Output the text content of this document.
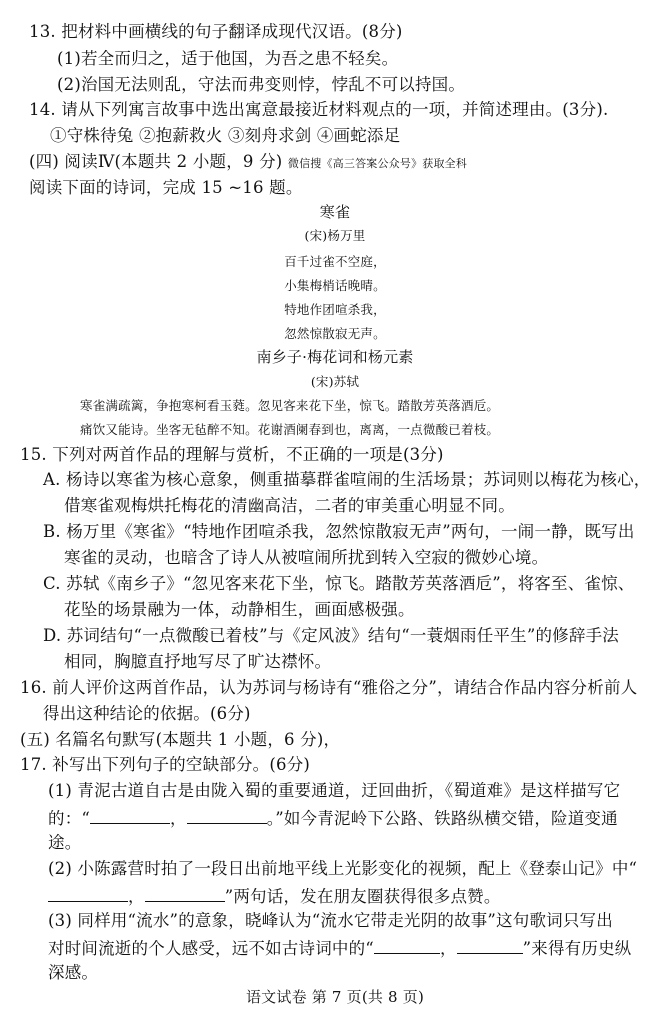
13. 把材料中画横线的句子翻译成现代汉语。(8分)
(1)若全而归之，适于他国，为吾之患不轻矣。
(2)治国无法则乱，守法而弗变则悖，悖乱不可以持国。
14. 请从下列寓言故事中选出寓意最接近材料观点的一项，并简述理由。(3分).
①守株待兔 ②抱薪救火 ③刻舟求剑 ④画蛇添足
(四) 阅读Ⅳ(本题共 2 小题，9 分) 微信搜《高三答案公众号》获取全科
阅读下面的诗词，完成 15 ~16 题。
寒雀
(宋)杨万里
百千过雀不空庭，
小集梅梢话晚晴。
特地作团喧杀我，
忽然惊散寂无声。
南乡子·梅花词和杨元素
(宋)苏轼
寒雀满疏篱，争抱寒柯看玉蕤。忽见客来花下坐，惊飞。踏散芳英落酒卮。
痛饮又能诗。坐客无毡醉不知。花谢酒阑春到也，离离，一点微酸已着枝。
15. 下列对两首作品的理解与赏析，不正确的一项是(3分)
A. 杨诗以寒雀为核心意象，侧重描摹群雀喧闹的生活场景；苏词则以梅花为核心，
借寒雀观梅烘托梅花的清幽高洁，二者的审美重心明显不同。
B. 杨万里《寒雀》“特地作团喧杀我，忽然惊散寂无声”两句，一闹一静，既写出
寒雀的灵动，也暗含了诗人从被喧闹所扰到转入空寂的微妙心境。
C. 苏轼《南乡子》“忽见客来花下坐，惊飞。踏散芳英落酒卮”，将客至、雀惊、
花坠的场景融为一体，动静相生，画面感极强。
D. 苏词结句“一点微酸已着枝”与《定风波》结句“一蓑烟雨任平生”的修辞手法
相同，胸臆直抒地写尽了旷达襟怀。
16. 前人评价这两首作品，认为苏词与杨诗有“雅俗之分”，请结合作品内容分析前人
得出这种结论的依据。(6分)
(五) 名篇名句默写(本题共 1 小题，6 分)，
17. 补写出下列句子的空缺部分。(6分)
(1) 青泥古道自古是由陇入蜀的重要通道，迂回曲折，《蜀道难》是这样描写它
的：“	，	。”如今青泥岭下公路、铁路纵横交错，险道变通
途。
(2) 小陈露营时拍了一段日出前地平线上光影变化的视频，配上《登泰山记》中“
，	”两句话，发在朋友圈获得很多点赞。
(3) 同样用“流水”的意象，晓峰认为“流水它带走光阴的故事”这句歌词只写出
对时间流逝的个人感受，远不如古诗词中的“	，	”来得有历史纵
深感。
语文试卷 第 7 页(共 8 页)
